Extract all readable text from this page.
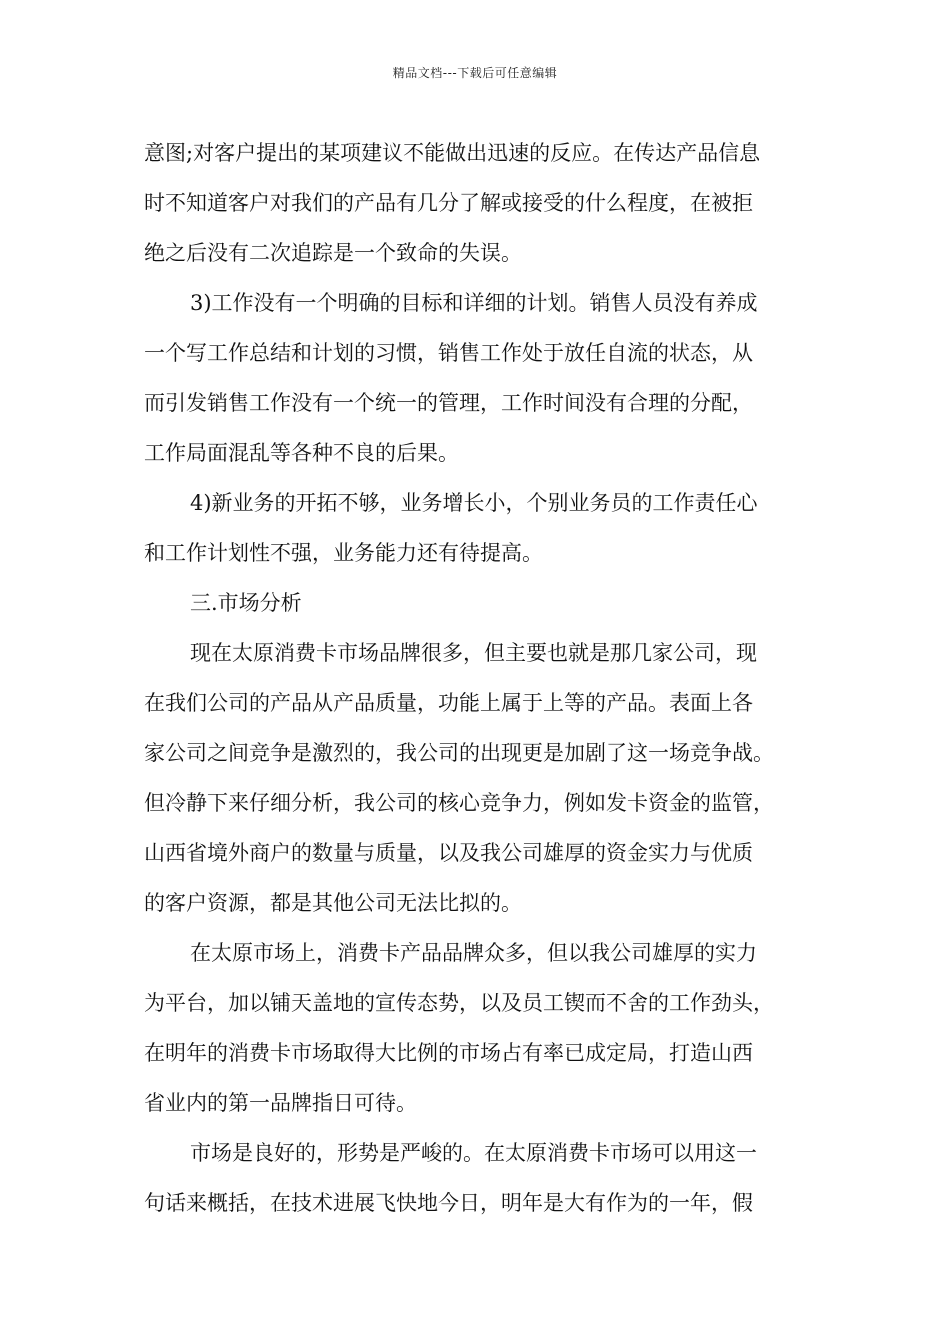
精品文档---下载后可任意编辑
意图;对客户提出的某项建议不能做出迅速的反应。在传达产品信息
时不知道客户对我们的产品有几分了解或接受的什么程度，在被拒
绝之后没有二次追踪是一个致命的失误。
3)工作没有一个明确的目标和详细的计划。销售人员没有养成
一个写工作总结和计划的习惯，销售工作处于放任自流的状态，从
而引发销售工作没有一个统一的管理，工作时间没有合理的分配，
工作局面混乱等各种不良的后果。
4)新业务的开拓不够，业务增长小，个别业务员的工作责任心
和工作计划性不强，业务能力还有待提高。
三.市场分析
现在太原消费卡市场品牌很多，但主要也就是那几家公司，现
在我们公司的产品从产品质量，功能上属于上等的产品。表面上各
家公司之间竞争是激烈的，我公司的出现更是加剧了这一场竞争战。
但冷静下来仔细分析，我公司的核心竞争力，例如发卡资金的监管，
山西省境外商户的数量与质量，以及我公司雄厚的资金实力与优质
的客户资源，都是其他公司无法比拟的。
在太原市场上，消费卡产品品牌众多，但以我公司雄厚的实力
为平台，加以铺天盖地的宣传态势，以及员工锲而不舍的工作劲头，
在明年的消费卡市场取得大比例的市场占有率已成定局，打造山西
省业内的第一品牌指日可待。
市场是良好的，形势是严峻的。在太原消费卡市场可以用这一
句话来概括，在技术进展飞快地今日，明年是大有作为的一年，假
